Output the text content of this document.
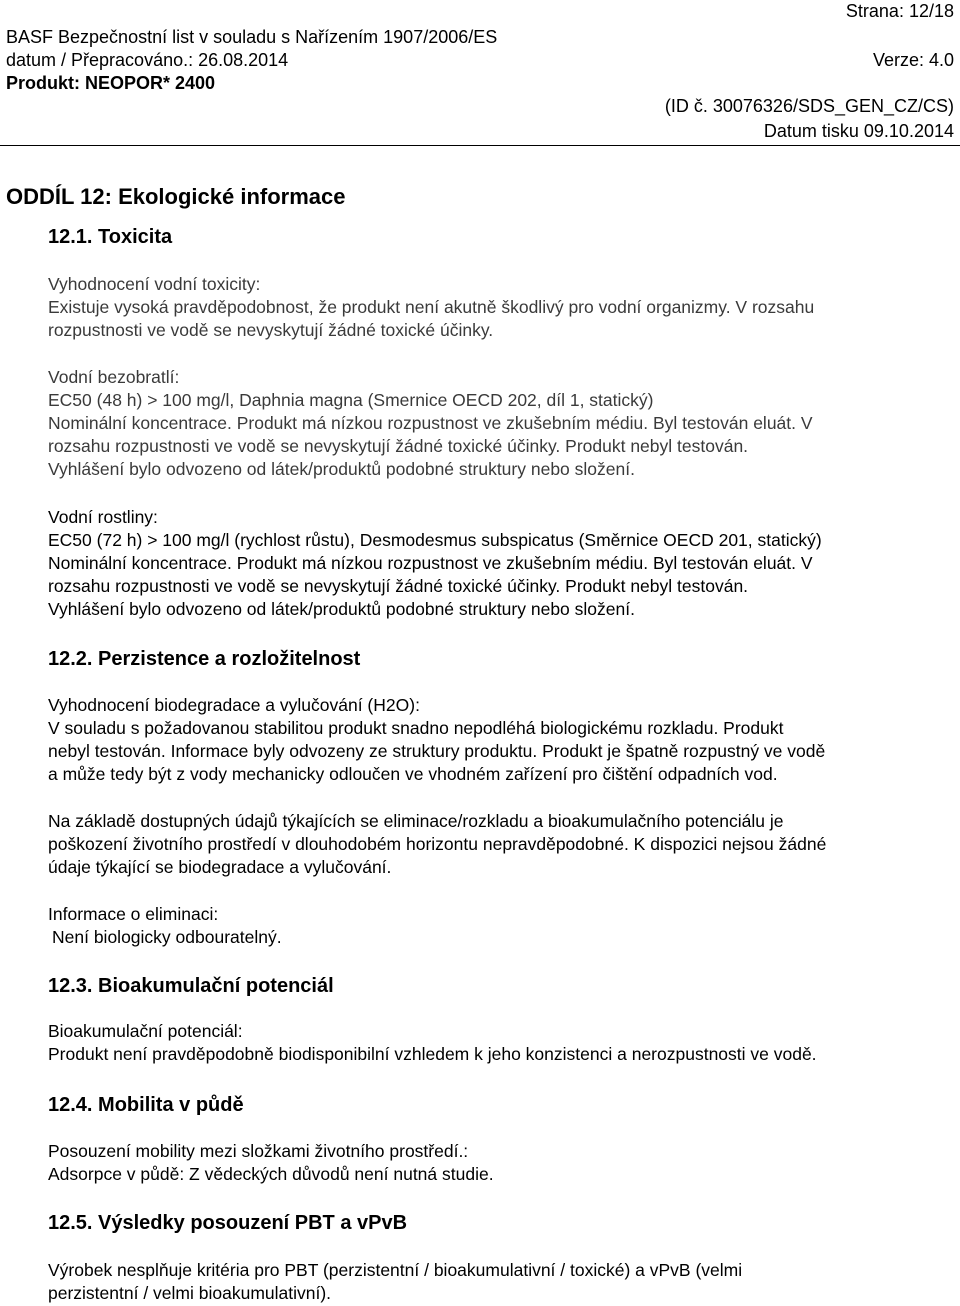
Strana: 12/18
BASF Bezpečnostní list v souladu s Nařízením 1907/2006/ES
datum / Přepracováno.: 26.08.2014	Verze: 4.0
Produkt: NEOPOR* 2400
(ID č. 30076326/SDS_GEN_CZ/CS)
Datum tisku 09.10.2014
ODDÍL 12: Ekologické informace
12.1. Toxicita
Vyhodnocení vodní toxicity:
Existuje vysoká pravděpodobnost, že produkt není akutně škodlivý pro vodní organizmy. V rozsahu
rozpustnosti ve vodě se nevyskytují žádné toxické účinky.
Vodní bezobratlí:
EC50 (48 h) > 100 mg/l, Daphnia magna (Smernice OECD 202, díl 1, statický)
Nominální koncentrace. Produkt má nízkou rozpustnost ve zkušebním médiu. Byl testován eluát. V
rozsahu rozpustnosti ve vodě se nevyskytují žádné toxické účinky. Produkt nebyl testován.
Vyhlášení bylo odvozeno od látek/produktů podobné struktury nebo složení.
Vodní rostliny:
EC50 (72 h) > 100 mg/l (rychlost růstu), Desmodesmus subspicatus (Směrnice OECD 201, statický)
Nominální koncentrace. Produkt má nízkou rozpustnost ve zkušebním médiu. Byl testován eluát. V
rozsahu rozpustnosti ve vodě se nevyskytují žádné toxické účinky. Produkt nebyl testován.
Vyhlášení bylo odvozeno od látek/produktů podobné struktury nebo složení.
12.2. Perzistence a rozložitelnost
Vyhodnocení biodegradace a vylučování (H2O):
V souladu s požadovanou stabilitou produkt snadno nepodléhá biologickému rozkladu. Produkt
nebyl testován. Informace byly odvozeny ze struktury produktu. Produkt je špatně rozpustný ve vodě
a může tedy být z vody mechanicky odloučen ve vhodném zařízení pro čištění odpadních vod.
Na základě dostupných údajů týkajících se eliminace/rozkladu a bioakumulačního potenciálu je
poškození životního prostředí v dlouhodobém horizontu nepravděpodobné. K dispozici nejsou žádné
údaje týkající se biodegradace a vylučování.
Informace o eliminaci:
Není biologicky odbouratelný.
12.3. Bioakumulační potenciál
Bioakumulační potenciál:
Produkt není pravděpodobně biodisponibilní vzhledem k jeho konzistenci a nerozpustnosti ve vodě.
12.4. Mobilita v půdě
Posouzení mobility mezi složkami životního prostředí.:
Adsorpce v půdě: Z vědeckých důvodů není nutná studie.
12.5. Výsledky posouzení PBT a vPvB
Výrobek nesplňuje kritéria pro PBT (perzistentní / bioakumulativní / toxické) a vPvB (velmi
perzistentní / velmi bioakumulativní).
